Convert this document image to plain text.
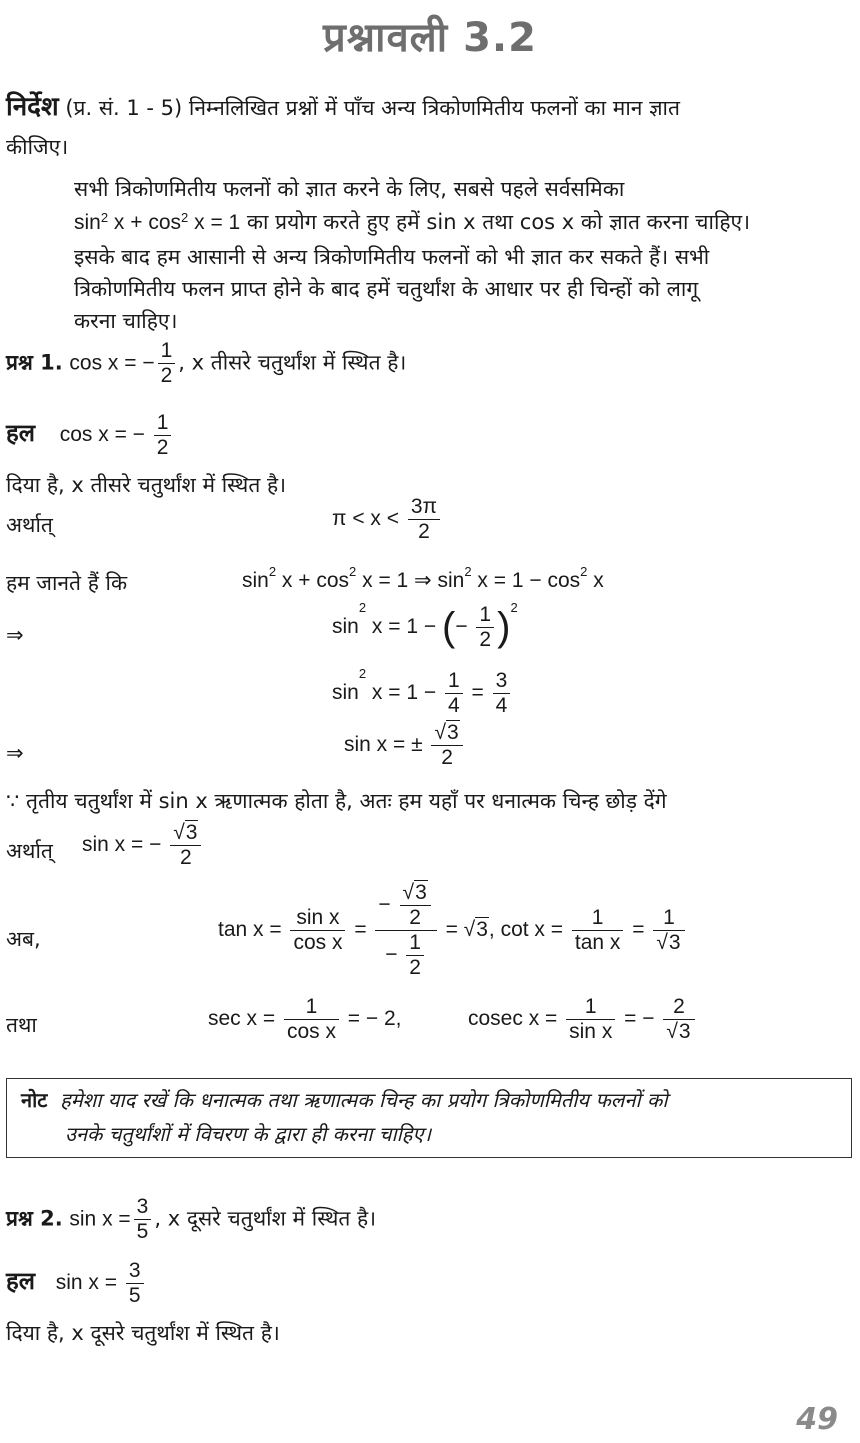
प्रश्नावली 3.2
निर्देश (प्र. सं. 1 - 5) निम्नलिखित प्रश्नों में पाँच अन्य त्रिकोणमितीय फलनों का मान ज्ञात
कीजिए।
सभी त्रिकोणमितीय फलनों को ज्ञात करने के लिए, सबसे पहले सर्वसमिका
$\sin^2 x + \cos^2 x = 1$ का प्रयोग करते हुए हमें sin x तथा cos x को ज्ञात करना चाहिए।
इसके बाद हम आसानी से अन्य त्रिकोणमितीय फलनों को भी ज्ञात कर सकते हैं। सभी
त्रिकोणमितीय फलन प्राप्त होने के बाद हमें चतुर्थांश के आधार पर ही चिन्हों को लागू
करना चाहिए।
प्रश्न 1. cos x = − $\frac{1}{2}$ , x तीसरे चतुर्थांश में स्थित है।
हल cos x = − $\frac{1}{2}$
दिया है, x तीसरे चतुर्थांश में स्थित है।
अर्थात्	$\pi < x < \frac{3\pi}{2}$
हम जानते हैं कि	$\sin^2 x + \cos^2 x = 1$ ⇒ $\sin^2 x = 1 - \cos^2 x$
⇒	$\sin^2 x = 1$ − (− $\frac{1}{2} )^2$
$\sin^2 x = 1 - \frac{1}{4} = \frac{3}{4}$
⇒	sin x = ± $\frac{√3}{2}$
∵ तृतीय चतुर्थांश में sin x ऋणात्मक होता है, अतः हम यहाँ पर धनात्मक चिन्ह छोड़ देंगे
अर्थात् sin x = − $\frac{√3}{2}$
अब,	$\tan x = \frac{\text{sin x}}{\text{cos x}} = \frac{- \frac{√3}{2}}{- \frac{1}{2}} = √3$, $\cot x = \frac{1}{\text{tan x}} = \frac{1}{√3}$
तथा	$\sec x = \frac{1}{\text{cos x}}$ = − 2,	cosec $x = \frac{1}{\text{sin x}}$ = − $\frac{2}{√3}$
नोट हमेशा याद रखें कि धनात्मक तथा ऋणात्मक चिन्ह का प्रयोग त्रिकोणमितीय फलनों को
उनके चतुर्थांशों में विचरण के द्वारा ही करना चाहिए।
प्रश्न 2. $\sin x = \frac{3}{5}$ , x दूसरे चतुर्थांश में स्थित है।
हल $\sin x = \frac{3}{5}$
दिया है, x दूसरे चतुर्थांश में स्थित है।
49
